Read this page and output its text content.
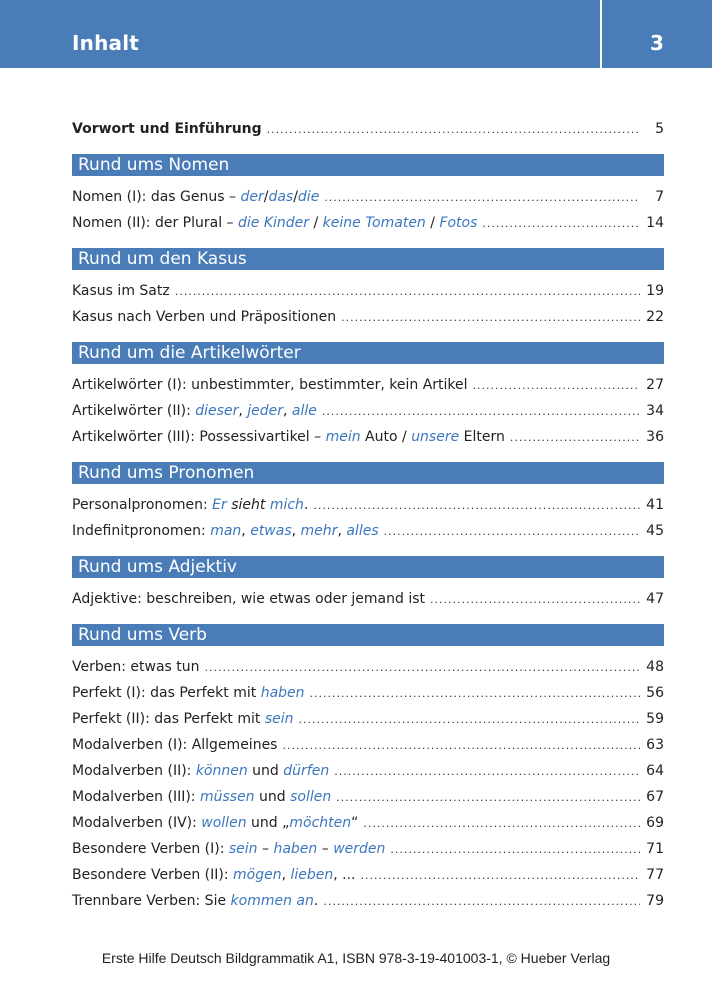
Inhalt	3
Vorwort und Einführung .....	5
Rund ums Nomen
Nomen (I): das Genus – der/das/die .....	7
Nomen (II): der Plural – die Kinder / keine Tomaten / Fotos .....	14
Rund um den Kasus
Kasus im Satz .....	19
Kasus nach Verben und Präpositionen .....	22
Rund um die Artikelwörter
Artikelwörter (I): unbestimmter, bestimmter, kein Artikel .....	27
Artikelwörter (II): dieser, jeder, alle .....	34
Artikelwörter (III): Possessivartikel – mein Auto / unsere Eltern .....	36
Rund ums Pronomen
Personalpronomen: Er sieht mich. .....	41
Indefinitpronomen: man, etwas, mehr, alles .....	45
Rund ums Adjektiv
Adjektive: beschreiben, wie etwas oder jemand ist .....	47
Rund ums Verb
Verben: etwas tun .....	48
Perfekt (I): das Perfekt mit haben .....	56
Perfekt (II): das Perfekt mit sein .....	59
Modalverben (I): Allgemeines .....	63
Modalverben (II): können und dürfen .....	64
Modalverben (III): müssen und sollen .....	67
Modalverben (IV): wollen und „möchten“ .....	69
Besondere Verben (I): sein – haben – werden .....	71
Besondere Verben (II): mögen, lieben, ... .....	77
Trennbare Verben: Sie kommen an. .....	79
Erste Hilfe Deutsch Bildgrammatik A1, ISBN 978-3-19-401003-1, © Hueber Verlag
